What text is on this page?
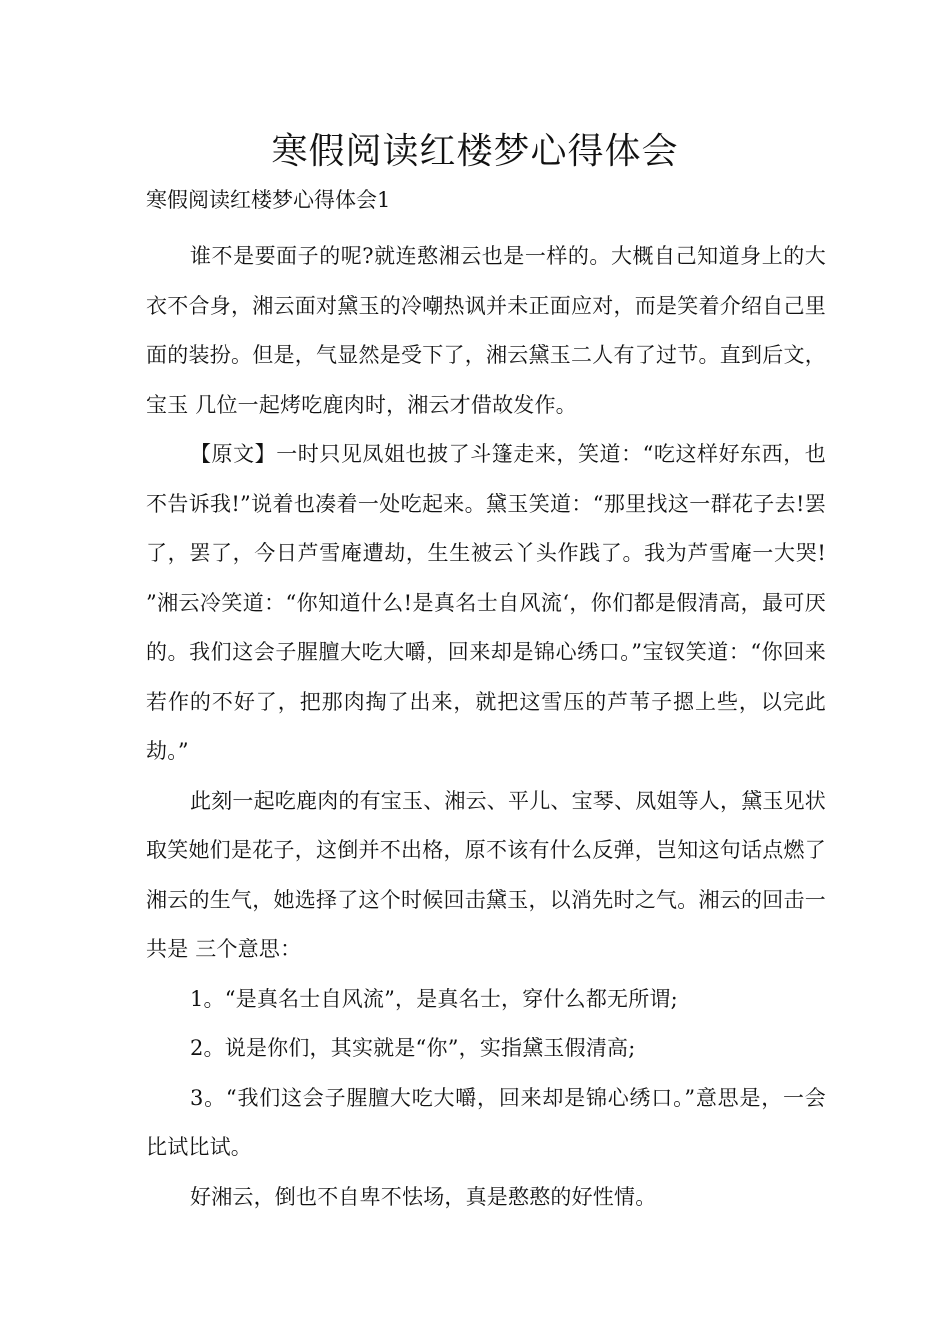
寒假阅读红楼梦心得体会

寒假阅读红楼梦心得体会1

谁不是要面子的呢?就连憨湘云也是一样的。大概自己知道身上的大衣不合身，湘云面对黛玉的冷嘲热讽并未正面应对，而是笑着介绍自己里面的装扮。但是，气显然是受下了，湘云黛玉二人有了过节。直到后文，宝玉 几位一起烤吃鹿肉时，湘云才借故发作。

【原文】一时只见凤姐也披了斗篷走来，笑道：“吃这样好东西，也不告诉我!”说着也凑着一处吃起来。黛玉笑道：“那里找这一群花子去!罢了，罢了，今日芦雪庵遭劫，生生被云丫头作践了。我为芦雪庵一大哭! ”湘云冷笑道：“你知道什么!是真名士自风流‘，你们都是假清高，最可厌的。我们这会子腥膻大吃大嚼，回来却是锦心绣口。”宝钗笑道：“你回来若作的不好了，把那肉掏了出来，就把这雪压的芦苇子摁上些，以完此 劫。”

此刻一起吃鹿肉的有宝玉、湘云、平儿、宝琴、凤姐等人，黛玉见状取笑她们是花子，这倒并不出格，原不该有什么反弹，岂知这句话点燃了湘云的生气，她选择了这个时候回击黛玉，以消先时之气。湘云的回击一共是 三个意思：

1。“是真名士自风流”，是真名士，穿什么都无所谓;

2。说是你们，其实就是“你”，实指黛玉假清高;

3。“我们这会子腥膻大吃大嚼，回来却是锦心绣口。”意思是，一会比试比试。

好湘云，倒也不自卑不怯场，真是憨憨的好性情。
